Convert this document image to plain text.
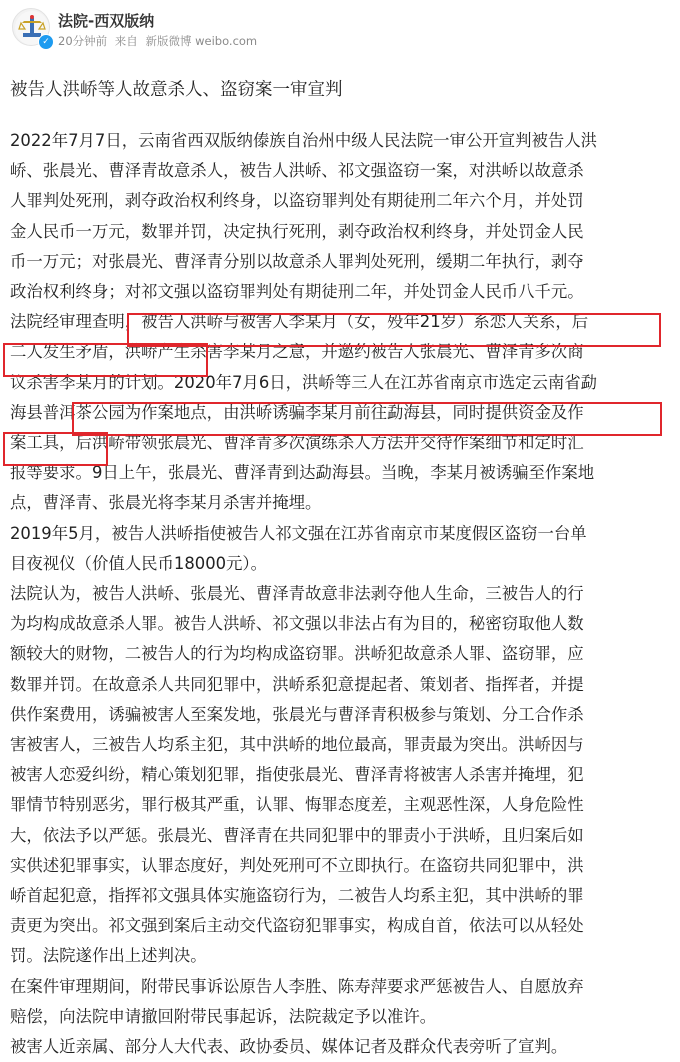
✓
法院-西双版纳
20分钟前 来自 新版微博 weibo.com
被告人洪峤等人故意杀人、盗窃案一审宣判

2022年7月7日，云南省西双版纳傣族自治州中级人民法院一审公开宣判被告人洪

峤、张晨光、曹泽青故意杀人，被告人洪峤、祁文强盗窃一案，对洪峤以故意杀

人罪判处死刑，剥夺政治权利终身，以盗窃罪判处有期徒刑二年六个月，并处罚

金人民币一万元，数罪并罚，决定执行死刑，剥夺政治权利终身，并处罚金人民

币一万元；对张晨光、曹泽青分别以故意杀人罪判处死刑，缓期二年执行，剥夺

政治权利终身；对祁文强以盗窃罪判处有期徒刑二年，并处罚金人民币八千元。

法院经审理查明，被告人洪峤与被害人李某月（女，殁年21岁）系恋人关系，后

二人发生矛盾，洪峤产生杀害李某月之意，并邀约被告人张晨光、曹泽青多次商

议杀害李某月的计划。2020年7月6日，洪峤等三人在江苏省南京市选定云南省勐

海县普洱茶公园为作案地点，由洪峤诱骗李某月前往勐海县，同时提供资金及作

案工具，后洪峤带领张晨光、曹泽青多次演练杀人方法并交待作案细节和定时汇

报等要求。9日上午，张晨光、曹泽青到达勐海县。当晚，李某月被诱骗至作案地

点，曹泽青、张晨光将李某月杀害并掩埋。

2019年5月，被告人洪峤指使被告人祁文强在江苏省南京市某度假区盗窃一台单

目夜视仪（价值人民币18000元）。

法院认为，被告人洪峤、张晨光、曹泽青故意非法剥夺他人生命，三被告人的行

为均构成故意杀人罪。被告人洪峤、祁文强以非法占有为目的，秘密窃取他人数

额较大的财物，二被告人的行为均构成盗窃罪。洪峤犯故意杀人罪、盗窃罪，应

数罪并罚。在故意杀人共同犯罪中，洪峤系犯意提起者、策划者、指挥者，并提

供作案费用，诱骗被害人至案发地，张晨光与曹泽青积极参与策划、分工合作杀

害被害人，三被告人均系主犯，其中洪峤的地位最高，罪责最为突出。洪峤因与

被害人恋爱纠纷，精心策划犯罪，指使张晨光、曹泽青将被害人杀害并掩埋，犯

罪情节特别恶劣，罪行极其严重，认罪、悔罪态度差，主观恶性深，人身危险性

大，依法予以严惩。张晨光、曹泽青在共同犯罪中的罪责小于洪峤，且归案后如

实供述犯罪事实，认罪态度好，判处死刑可不立即执行。在盗窃共同犯罪中，洪

峤首起犯意，指挥祁文强具体实施盗窃行为，二被告人均系主犯，其中洪峤的罪

责更为突出。祁文强到案后主动交代盗窃犯罪事实，构成自首，依法可以从轻处

罚。法院遂作出上述判决。

在案件审理期间，附带民事诉讼原告人李胜、陈寿萍要求严惩被告人、自愿放弃

赔偿，向法院申请撤回附带民事起诉，法院裁定予以准许。

被害人近亲属、部分人大代表、政协委员、媒体记者及群众代表旁听了宣判。
